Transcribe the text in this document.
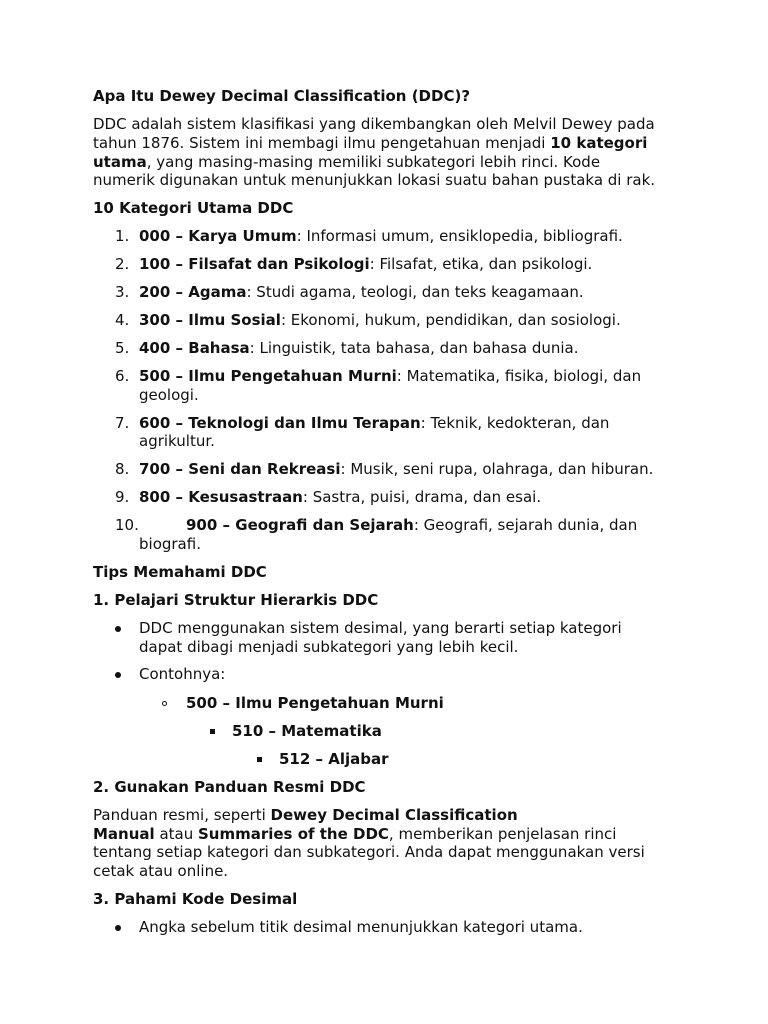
Apa Itu Dewey Decimal Classification (DDC)?
DDC adalah sistem klasifikasi yang dikembangkan oleh Melvil Dewey pada
tahun 1876. Sistem ini membagi ilmu pengetahuan menjadi 10 kategori
utama, yang masing-masing memiliki subkategori lebih rinci. Kode
numerik digunakan untuk menunjukkan lokasi suatu bahan pustaka di rak.
10 Kategori Utama DDC
1. 000 – Karya Umum: Informasi umum, ensiklopedia, bibliografi.
2. 100 – Filsafat dan Psikologi: Filsafat, etika, dan psikologi.
3. 200 – Agama: Studi agama, teologi, dan teks keagamaan.
4. 300 – Ilmu Sosial: Ekonomi, hukum, pendidikan, dan sosiologi.
5. 400 – Bahasa: Linguistik, tata bahasa, dan bahasa dunia.
6. 500 – Ilmu Pengetahuan Murni: Matematika, fisika, biologi, dan
geologi.
7. 600 – Teknologi dan Ilmu Terapan: Teknik, kedokteran, dan
agrikultur.
8. 700 – Seni dan Rekreasi: Musik, seni rupa, olahraga, dan hiburan.
9. 800 – Kesusastraan: Sastra, puisi, drama, dan esai.
10.	900 – Geografi dan Sejarah: Geografi, sejarah dunia, dan
biografi.
Tips Memahami DDC
1. Pelajari Struktur Hierarkis DDC
DDC menggunakan sistem desimal, yang berarti setiap kategori
dapat dibagi menjadi subkategori yang lebih kecil.
Contohnya:
500 – Ilmu Pengetahuan Murni
510 – Matematika
512 – Aljabar
2. Gunakan Panduan Resmi DDC
Panduan resmi, seperti Dewey Decimal Classification
Manual atau Summaries of the DDC, memberikan penjelasan rinci
tentang setiap kategori dan subkategori. Anda dapat menggunakan versi
cetak atau online.
3. Pahami Kode Desimal
Angka sebelum titik desimal menunjukkan kategori utama.
